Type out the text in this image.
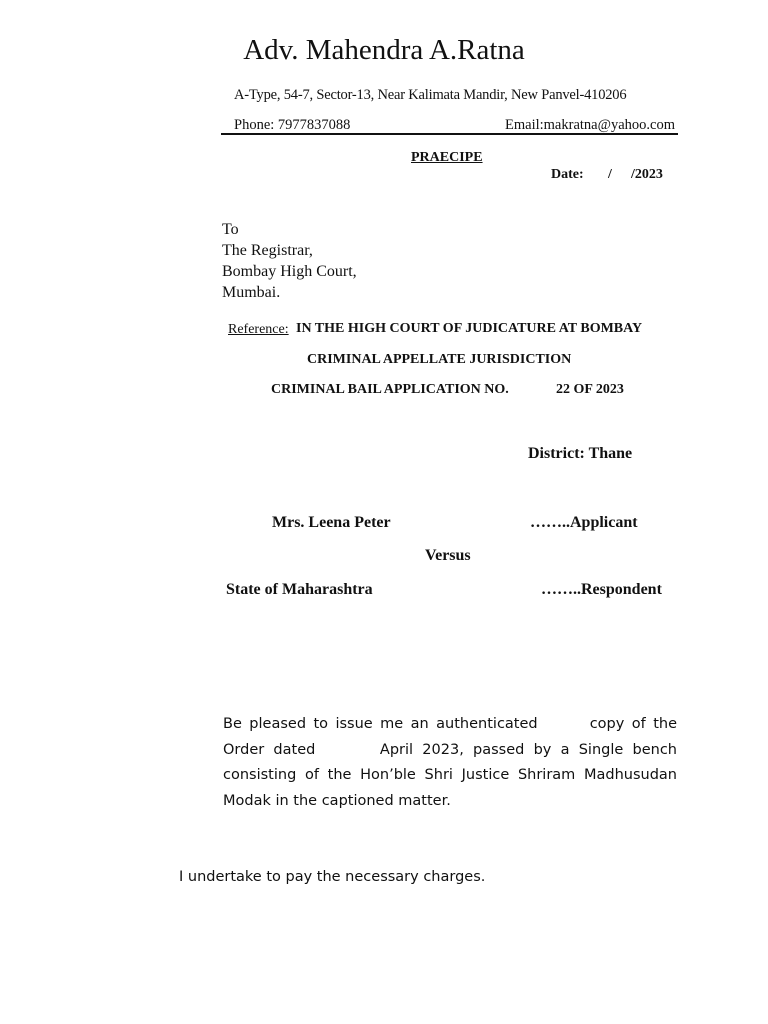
Adv. Mahendra A.Ratna
A-Type, 54-7, Sector-13, Near Kalimata Mandir, New Panvel-410206
Phone: 7977837088	Email:makratna@yahoo.com
PRAECIPE
Date: / /2023
To
The Registrar,
Bombay High Court,
Mumbai.
Reference: IN THE HIGH COURT OF JUDICATURE AT BOMBAY
CRIMINAL APPELLATE JURISDICTION
CRIMINAL BAIL APPLICATION NO.	22 OF 2023
District: Thane
Mrs. Leena Peter	……..Applicant
Versus
State of Maharashtra	……..Respondent
Be pleased to issue me an authenticated       copy of the Order dated       April 2023, passed by a Single bench consisting of the Hon’ble Shri Justice Shriram Madhusudan Modak in the captioned matter.
I undertake to pay the necessary charges.
